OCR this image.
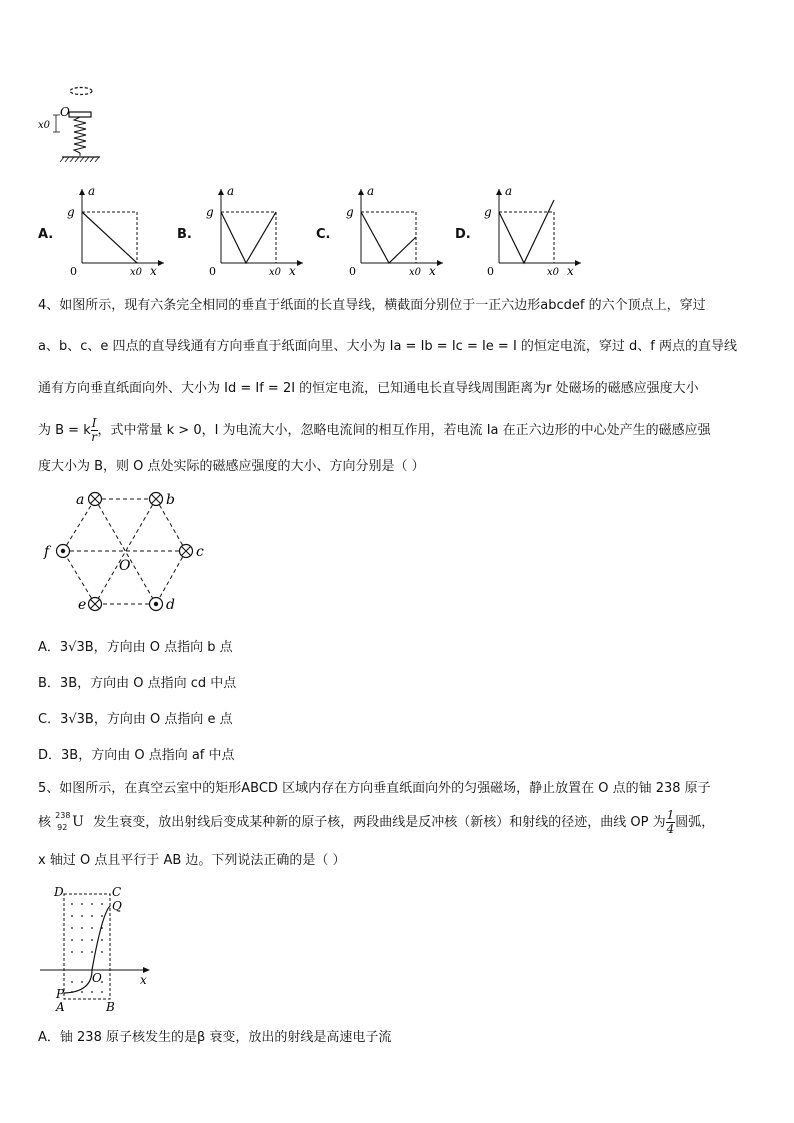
O
x0
A.
a
g
0	x0 x
B.
a
g
0	x0 x
C.
a
g
0	x0 x
D.
a
g
0	x0 x
4、如图所示，现有六条完全相同的垂直于纸面的长直导线，横截面分别位于一正六边形abcdef 的六个顶点上，穿过
a、b、c、e 四点的直导线通有方向垂直于纸面向里、大小为 Ia = Ib = Ic = Ie = I 的恒定电流，穿过 d、f 两点的直导线
通有方向垂直纸面向外、大小为 Id = If = 2I 的恒定电流，已知通电长直导线周围距离为r 处磁场的磁感应强度大小
为 B = k $\frac{I}{r}$ ，式中常量 k > 0，I 为电流大小，忽略电流间的相互作用，若电流 Ia 在正六边形的中心处产生的磁感应强
度大小为 B，则 O 点处实际的磁感应强度的大小、方向分别是（ ）
a	b
c
d
e
f
O
A．3√3B，方向由 O 点指向 b 点
B．3B，方向由 O 点指向 cd 中点
C．3√3B，方向由 O 点指向 e 点
D．3B，方向由 O 点指向 af 中点
5、如图所示，在真空云室中的矩形ABCD 区域内存在方向垂直纸面向外的匀强磁场，静止放置在 O 点的铀 238 原子
核 238
92 U 发生衰变，放出射线后变成某种新的原子核，两段曲线是反冲核（新核）和射线的径迹，曲线 OP 为 $\frac{1}{4}$ 圆弧，
x 轴过 O 点且平行于 AB 边。下列说法正确的是（ ）
D	C
Q
O
P
A	B
x
A．铀 238 原子核发生的是β 衰变，放出的射线是高速电子流
